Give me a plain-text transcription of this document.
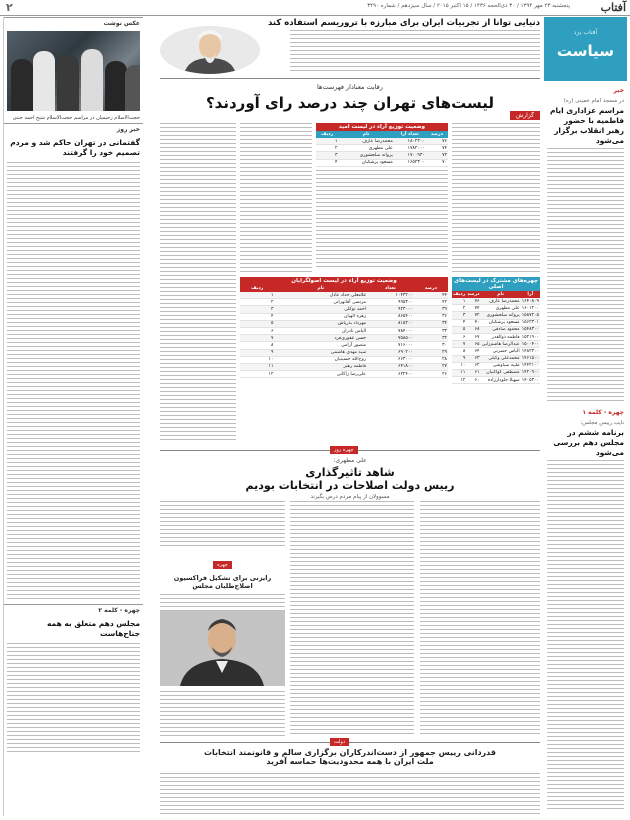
آفتاب
پنجشنبه ۲۳ مهر ۱۳۹۴ / ۳۰ ذی‌الحجه ۱۴۳۶ / ۱۵ اکتبر ۲۰۱۵ / سال سیزدهم / شماره ۳۴۹۰
۲
آفتاب یزد
سیاست
خبر
در مسجد امام خمینی (ره)
مراسم عزاداری ایام فاطمیه با حضور رهبر انقلاب برگزار می‌شود
چهره - کلمه ۱
نایب رییس مجلس:
برنامه ششم در مجلس دهم بررسی می‌شود
دنیایی توانا از تجربیات ایران برای مبارزه با تروریسم استفاده کند
عکس نوشت
حجت‌الاسلام رحیمیان در مراسم حجت‌الاسلام شیخ احمد جنتی
خبر روز
گفتمانی در تهران حاکم شد و مردم تصمیم خود را گرفتند
چهره - کلمه ۲
مجلس دهم متعلق به همه جناح‌هاست
رقابت معنادار فهرست‌ها
لیست‌های تهران چند درصد رای آوردند؟
گزارش
وضعیت توزیع آراء در لیست امید
درصد	تعداد آرا	نام	ردیف
۷۶	۱۸۰۲۳۰۰	محمدرضا عارف	۱
۷۴	۱۷۸۲۰۰۰	علی مطهری	۲
۷۲	۱۷۰۰۹۳۰	پروانه سلحشوری	۳
۷۰	۱۶۵۲۳۰۰	مسعود پزشکیان	۴
وضعیت توزیع آراء در لیست اصولگرایان
درصد	تعداد	نام	ردیف
۴۴	۱۰۴۳۲۰۰	غلامعلی حداد عادل	۱
۴۲	۹۹۵۳۰۰	مرتضی آقاتهرانی	۲
۳۹	۹۲۳۰۰۰	احمد توکلی	۳
۳۶	۸۶۵۴۰۰	زهره الهیان	۴
۳۴	۸۱۵۲۰۰	مهرداد بذرپاش	۵
۳۳	۷۸۴۰۰۰	الیاس نادران	۶
۳۲	۷۵۸۵۰۰	حسن غفوری‌فرد	۷
۳۰	۷۱۶۰۰۰	منصور آرامی	۸
۲۹	۶۹۰۲۰۰	سید مهدی هاشمی	۹
۲۸	۶۶۳۰۰۰	روح‌الله حسینیان	۱۰
۲۷	۶۴۱۸۰۰	فاطمه رهبر	۱۱
۲۶	۶۲۲۴۰۰	علی‌رضا زاکانی	۱۲
چهره‌های مشترک در لیست‌های اصلی
آرا	نام	درصد	ردیف
۱۶۴۰۸۰۹	محمدرضا عارف	۷۶	۱
۱۶۰۱۲۰۰	علی مطهری	۷۴	۲
۱۵۸۷۲۰۵	پروانه سلحشوری	۷۲	۳
۱۵۶۲۳۰۱	مسعود پزشکیان	۷۰	۴
۱۵۴۸۳۰۰	محمود صادقی	۶۸	۵
۱۵۲۱۹۰۰	فاطمه ذوالقدر	۶۷	۶
۱۵۰۰۴۰۰	عبدالرضا هاشم‌زایی	۶۵	۷
۱۴۸۲۳۰۰	الیاس حضرتی	۶۴	۸
۱۴۶۱۵۰۰	محمدعلی وکیلی	۶۳	۹
۱۴۴۲۱۰۰	طیبه سیاوشی	۶۲	۱۰
۱۴۲۰۹۰۰	مصطفی کواکبیان	۶۱	۱۱
۱۴۰۵۳۰۰	سهیلا جلودارزاده	۶۰	۱۲
چهره روز
علی مطهری:
شاهد تاثیرگذاری
رییس دولت اصلاحات در انتخابات بودیم
مسوولان از پیام مردم درس بگیرند
چهره
رایزنی برای تشکیل فراکسیون اصلاح‌طلبان مجلس
دولت
قدردانی رییس جمهور از دست‌اندرکاران برگزاری سالم و قانونمند انتخابات
ملت ایران با همه محدودیت‌ها حماسه آفرید
